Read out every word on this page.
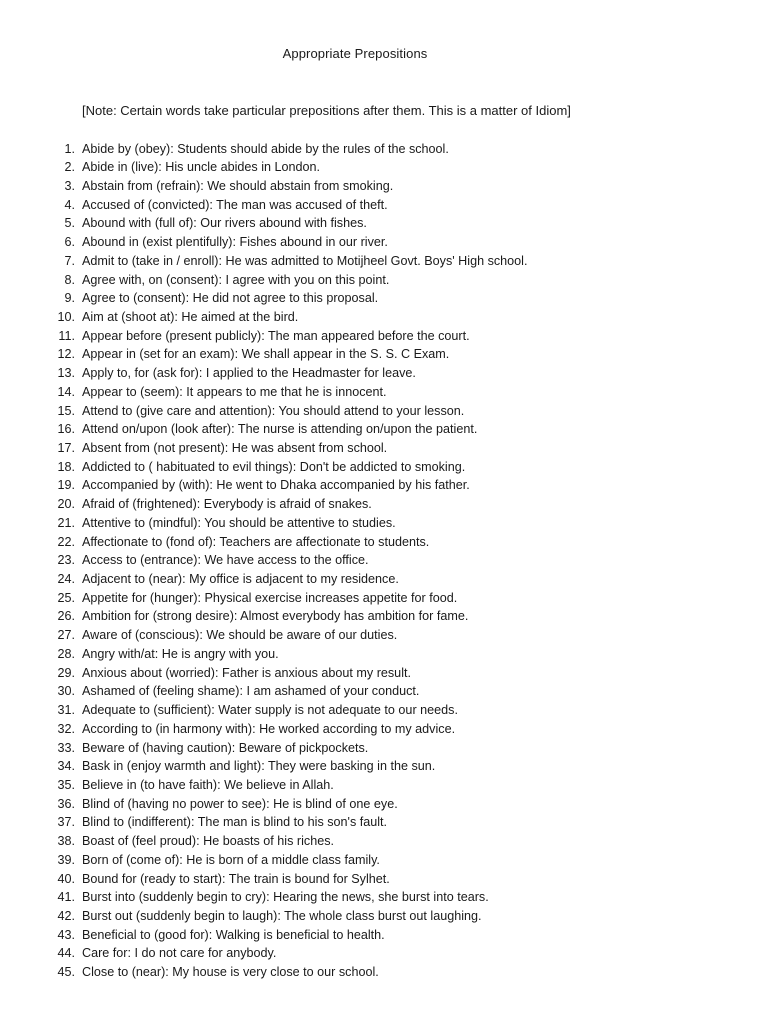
Appropriate Prepositions
[Note: Certain words take particular prepositions after them. This is a matter of Idiom]
1. Abide by (obey): Students should abide by the rules of the school.
2. Abide in (live): His uncle abides in London.
3. Abstain from (refrain): We should abstain from smoking.
4. Accused of (convicted): The man was accused of theft.
5. Abound with (full of): Our rivers abound with fishes.
6. Abound in (exist plentifully): Fishes abound in our river.
7. Admit to (take in / enroll): He was admitted to Motijheel Govt. Boys' High school.
8. Agree with, on (consent): I agree with you on this point.
9. Agree to (consent): He did not agree to this proposal.
10. Aim at (shoot at): He aimed at the bird.
11. Appear before (present publicly): The man appeared before the court.
12. Appear in (set for an exam): We shall appear in the S. S. C Exam.
13. Apply to, for (ask for): I applied to the Headmaster for leave.
14. Appear to (seem): It appears to me that he is innocent.
15. Attend to (give care and attention): You should attend to your lesson.
16. Attend on/upon (look after): The nurse is attending on/upon the patient.
17. Absent from (not present): He was absent from school.
18. Addicted to ( habituated to evil things): Don't be addicted to smoking.
19. Accompanied by (with): He went to Dhaka accompanied by his father.
20. Afraid of (frightened): Everybody is afraid of snakes.
21. Attentive to (mindful): You should be attentive to studies.
22. Affectionate to (fond of): Teachers are affectionate to students.
23. Access to (entrance): We have access to the office.
24. Adjacent to (near): My office is adjacent to my residence.
25. Appetite for (hunger): Physical exercise increases appetite for food.
26. Ambition for (strong desire): Almost everybody has ambition for fame.
27. Aware of (conscious): We should be aware of our duties.
28. Angry with/at: He is angry with you.
29. Anxious about (worried): Father is anxious about my result.
30. Ashamed of (feeling shame): I am ashamed of your conduct.
31. Adequate to (sufficient): Water supply is not adequate to our needs.
32. According to (in harmony with): He worked according to my advice.
33. Beware of (having caution): Beware of pickpockets.
34. Bask in (enjoy warmth and light): They were basking in the sun.
35. Believe in (to have faith): We believe in Allah.
36. Blind of (having no power to see): He is blind of one eye.
37. Blind to (indifferent): The man is blind to his son's fault.
38. Boast of (feel proud): He boasts of his riches.
39. Born of (come of): He is born of a middle class family.
40. Bound for (ready to start): The train is bound for Sylhet.
41. Burst into (suddenly begin to cry): Hearing the news, she burst into tears.
42. Burst out (suddenly begin to laugh): The whole class burst out laughing.
43. Beneficial to (good for): Walking is beneficial to health.
44. Care for: I do not care for anybody.
45. Close to (near): My house is very close to our school.
